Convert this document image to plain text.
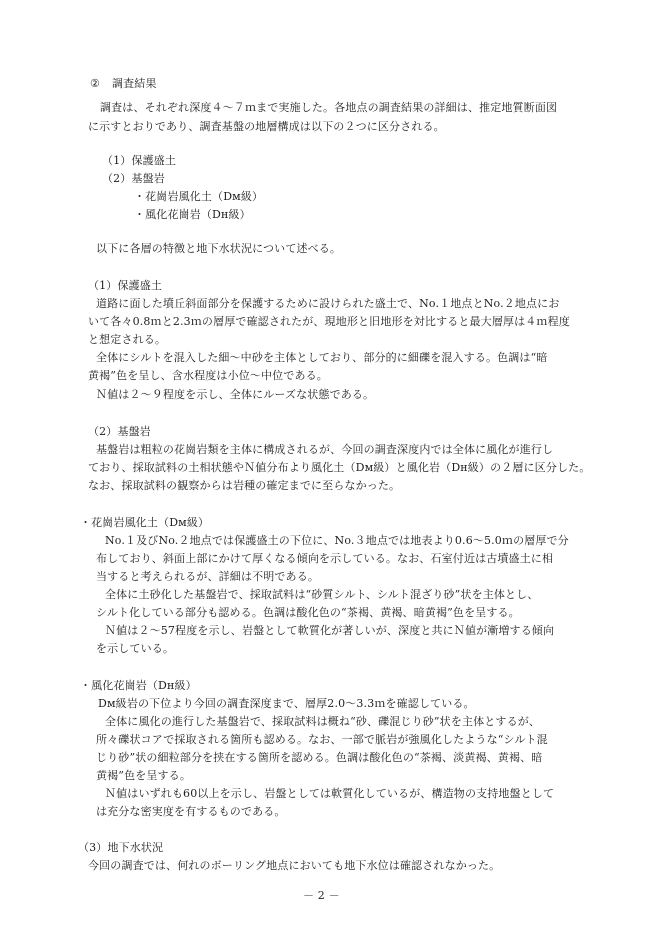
② 調査結果
調査は、それぞれ深度４～７ｍまで実施した。各地点の調査結果の詳細は、推定地質断面図
に示すとおりであり、調査基盤の地層構成は以下の２つに区分される。
（1）保護盛土
（2）基盤岩
・花崗岩風化土（Dм級）
・風化花崗岩（Dн級）
以下に各層の特徴と地下水状況について述べる。
（1）保護盛土
道路に面した墳丘斜面部分を保護するために設けられた盛土で、No.１地点とNo.２地点にお
いて各々0.8ｍと2.3ｍの層厚で確認されたが、現地形と旧地形を対比すると最大層厚は４ｍ程度
と想定される。
全体にシルトを混入した細～中砂を主体としており、部分的に細礫を混入する。色調は“暗
黄褐”色を呈し、含水程度は小位～中位である。
Ｎ値は２～９程度を示し、全体にルーズな状態である。
（2）基盤岩
基盤岩は粗粒の花崗岩類を主体に構成されるが、今回の調査深度内では全体に風化が進行し
ており、採取試料の土相状態やＮ値分布より風化土（Dм級）と風化岩（Dн級）の２層に区分した。
なお、採取試料の観察からは岩種の確定までに至らなかった。
・花崗岩風化土（Dм級）
No.１及びNo.２地点では保護盛土の下位に、No.３地点では地表より0.6～5.0ｍの層厚で分
布しており、斜面上部にかけて厚くなる傾向を示している。なお、石室付近は古墳盛土に相
当すると考えられるが、詳細は不明である。
全体に土砂化した基盤岩で、採取試料は“砂質シルト、シルト混ざり砂”状を主体とし、
シルト化している部分も認める。色調は酸化色の“茶褐、黄褐、暗黄褐”色を呈する。
Ｎ値は２～57程度を示し、岩盤として軟質化が著しいが、深度と共にＮ値が漸増する傾向
を示している。
・風化花崗岩（Dн級）
Dм級岩の下位より今回の調査深度まで、層厚2.0～3.3ｍを確認している。
全体に風化の進行した基盤岩で、採取試料は概ね“砂、礫混じり砂”状を主体とするが、
所々礫状コアで採取される箇所も認める。なお、一部で脈岩が強風化したような“シルト混
じり砂”状の細粒部分を挟在する箇所を認める。色調は酸化色の“茶褐、淡黄褐、黄褐、暗
黄褐”色を呈する。
Ｎ値はいずれも60以上を示し、岩盤としては軟質化しているが、構造物の支持地盤として
は充分な密実度を有するものである。
（3）地下水状況
今回の調査では、何れのボーリング地点においても地下水位は確認されなかった。
－ 2 －
